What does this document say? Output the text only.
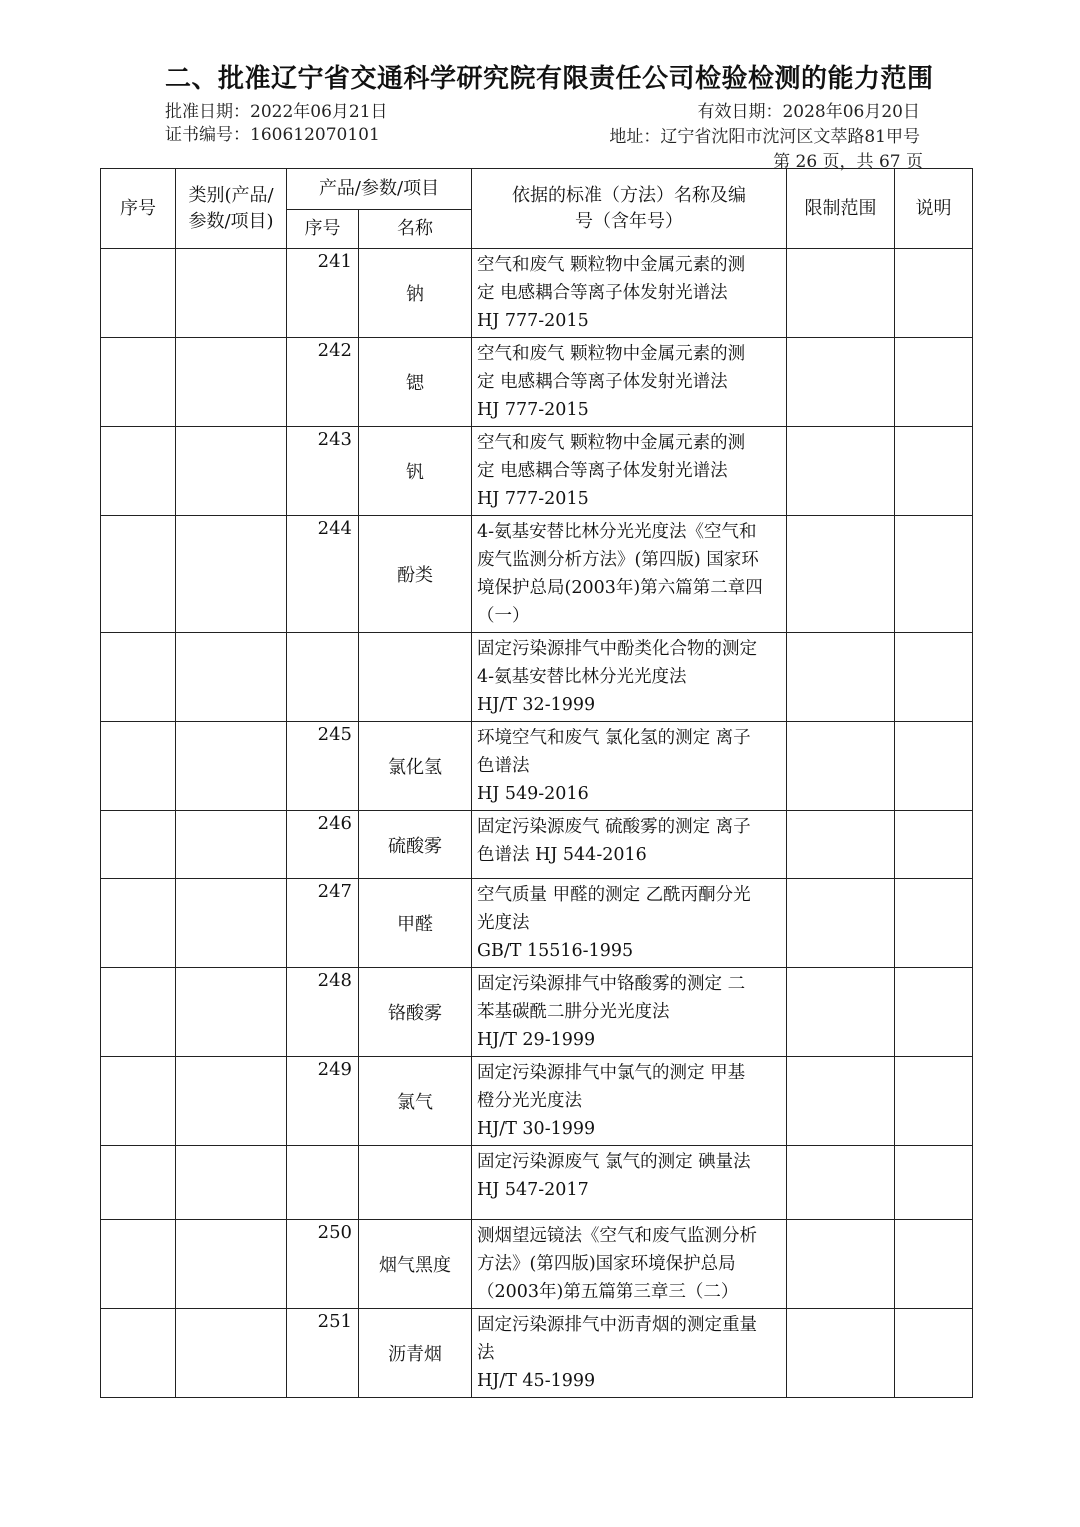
二、批准辽宁省交通科学研究院有限责任公司检验检测的能力范围
批准日期：2022年06月21日	有效日期：2028年06月20日
证书编号：160612070101	地址：辽宁省沈阳市沈河区文萃路81甲号
第 26 页，共 67 页
序号	类别(产品/参数/项目)	产品/参数/项目		依据的标准（方法）名称及编号（含年号）	限制范围	说明
		序号	名称			
		241	钠	空气和废气 颗粒物中金属元素的测
定 电感耦合等离子体发射光谱法
HJ 777-2015		

		242	锶	空气和废气 颗粒物中金属元素的测
定 电感耦合等离子体发射光谱法
HJ 777-2015		

		243	钒	空气和废气 颗粒物中金属元素的测
定 电感耦合等离子体发射光谱法
HJ 777-2015		

		244	酚类	4-氨基安替比林分光光度法《空气和
废气监测分析方法》(第四版) 国家环
境保护总局(2003年)第六篇第二章四
（一）		

				固定污染源排气中酚类化合物的测定
4-氨基安替比林分光光度法
HJ/T 32-1999		

		245	氯化氢	环境空气和废气 氯化氢的测定 离子
色谱法
HJ 549-2016		

		246	硫酸雾	固定污染源废气 硫酸雾的测定 离子
色谱法 HJ 544-2016		

		247	甲醛	空气质量 甲醛的测定 乙酰丙酮分光
光度法
GB/T 15516-1995		

		248	铬酸雾	固定污染源排气中铬酸雾的测定 二
苯基碳酰二肼分光光度法
HJ/T 29-1999		

		249	氯气	固定污染源排气中氯气的测定 甲基
橙分光光度法
HJ/T 30-1999		

				固定污染源废气 氯气的测定 碘量法
HJ 547-2017		

		250	烟气黑度	测烟望远镜法《空气和废气监测分析
方法》(第四版)国家环境保护总局
（2003年)第五篇第三章三（二）		

		251	沥青烟	固定污染源排气中沥青烟的测定重量
法
HJ/T 45-1999		
